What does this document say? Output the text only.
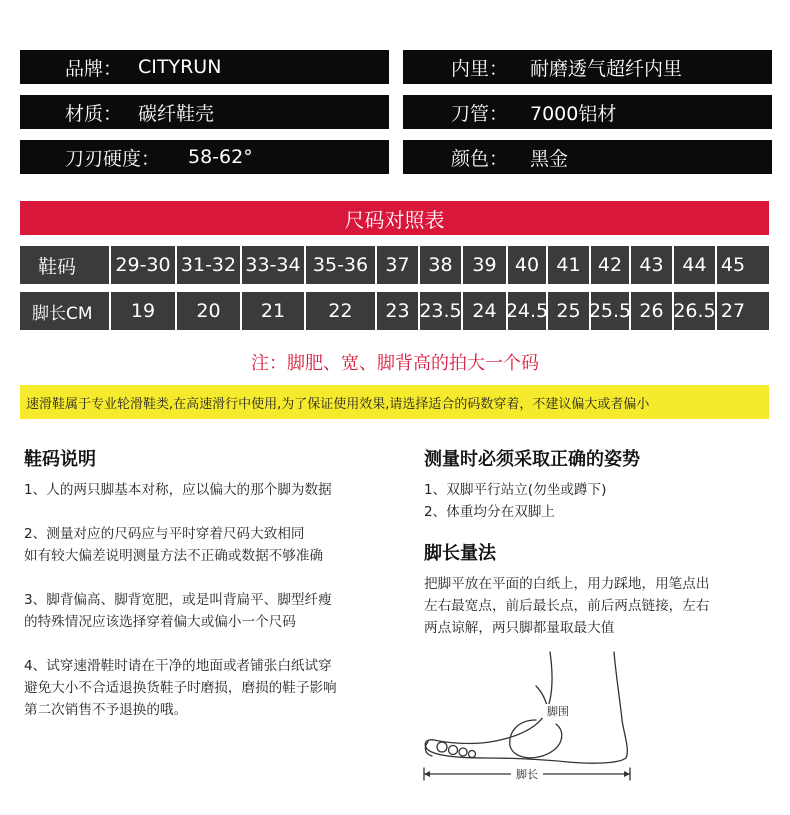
品牌： CITYRUN	内里：	耐磨透气超纤内里
材质： 碳纤鞋壳	刀管：	7000铝材
刀刃硬度：	58-62°	颜色：	黑金
尺码对照表
鞋码	29-30 31-32 33-34 35-36 37 38	39 40 41 42 43 44 45
脚长CM	19	20	21	22	23 23.5 24 24.5 25 25.5 26 26.5 27
注：脚肥、宽、脚背高的拍大一个码
速滑鞋属于专业轮滑鞋类,在高速滑行中使用,为了保证使用效果,请选择适合的码数穿着，不建议偏大或者偏小
鞋码说明
1、人的两只脚基本对称，应以偏大的那个脚为数据
2、测量对应的尺码应与平时穿着尺码大致相同
如有较大偏差说明测量方法不正确或数据不够准确
3、脚背偏高、脚背宽肥，或是叫背扁平、脚型纤瘦
的特殊情况应该选择穿着偏大或偏小一个尺码
4、试穿速滑鞋时请在干净的地面或者铺张白纸试穿
避免大小不合适退换货鞋子时磨损，磨损的鞋子影响
第二次销售不予退换的哦。
测量时必须采取正确的姿势
1、双脚平行站立(勿坐或蹲下)
2、体重均分在双脚上
脚长量法
把脚平放在平面的白纸上，用力踩地，用笔点出
左右最宽点，前后最长点，前后两点链接，左右
两点谅解，两只脚都量取最大值
脚长
脚围
